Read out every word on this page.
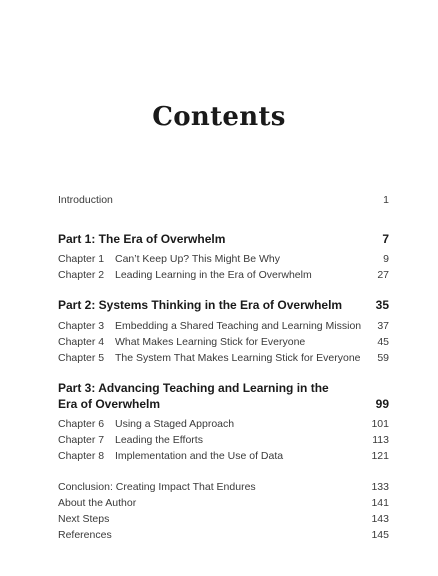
Contents
Introduction	1
Part 1: The Era of Overwhelm	7
Chapter 1 Can’t Keep Up? This Might Be Why	9
Chapter 2 Leading Learning in the Era of Overwhelm	27
Part 2: Systems Thinking in the Era of Overwhelm	35
Chapter 3 Embedding a Shared Teaching and Learning Mission 37
Chapter 4 What Makes Learning Stick for Everyone	45
Chapter 5 The System That Makes Learning Stick for Everyone 59
Part 3: Advancing Teaching and Learning in the
Era of Overwhelm	99
Chapter 6 Using a Staged Approach	101
Chapter 7 Leading the Efforts	113
Chapter 8 Implementation and the Use of Data	121
Conclusion: Creating Impact That Endures	133
About the Author	141
Next Steps	143
References	145
